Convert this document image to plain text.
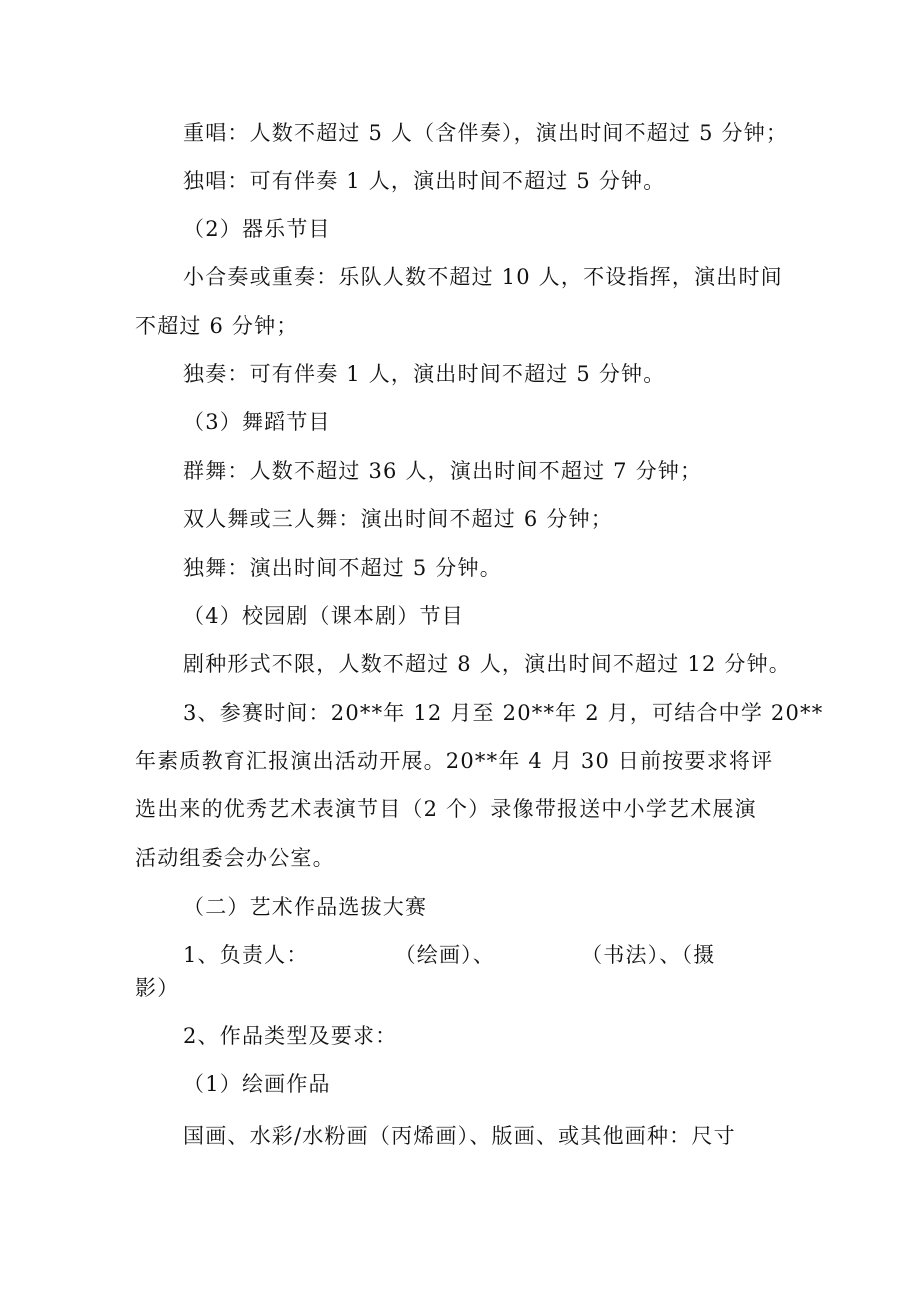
重唱：人数不超过 5 人（含伴奏），演出时间不超过 5 分钟；
独唱：可有伴奏 1 人，演出时间不超过 5 分钟。
（2）器乐节目
小合奏或重奏：乐队人数不超过 10 人，不设指挥，演出时间
不超过 6 分钟；
独奏：可有伴奏 1 人，演出时间不超过 5 分钟。
（3）舞蹈节目
群舞：人数不超过 36 人，演出时间不超过 7 分钟；
双人舞或三人舞：演出时间不超过 6 分钟；
独舞：演出时间不超过 5 分钟。
（4）校园剧（课本剧）节目
剧种形式不限，人数不超过 8 人，演出时间不超过 12 分钟。
3、参赛时间：20**年 12 月至 20**年 2 月，可结合中学 20**
年素质教育汇报演出活动开展。20**年 4 月 30 日前按要求将评
选出来的优秀艺术表演节目（2 个）录像带报送中小学艺术展演
活动组委会办公室。
（二）艺术作品选拔大赛
1、负责人：	（绘画）、	（书法）、（摄
影）
2、作品类型及要求：
（1）绘画作品
国画、水彩/水粉画（丙烯画）、版画、或其他画种：尺寸
